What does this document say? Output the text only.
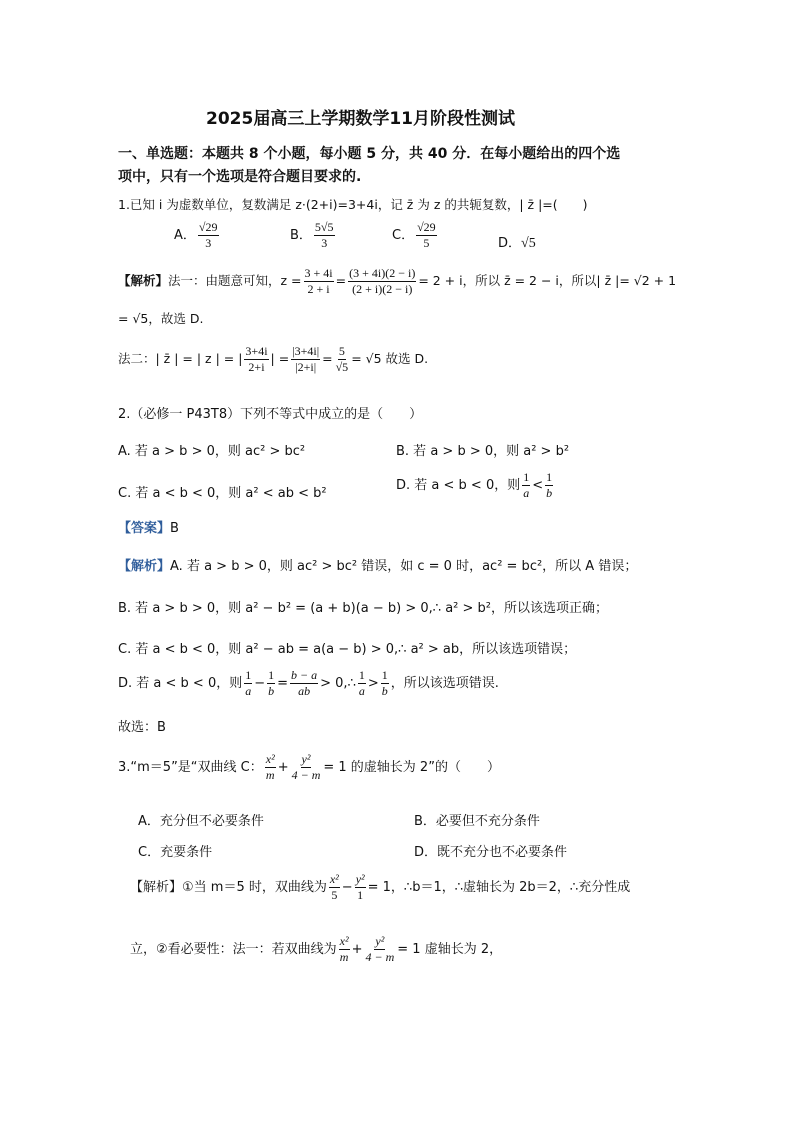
2025届高三上学期数学11月阶段性测试
一、单选题：本题共 8 个小题，每小题 5 分，共 40 分．在每小题给出的四个选
项中，只有一个选项是符合题目要求的.
1.已知 i 为虚数单位，复数满足 z·(2+i)=3+4i，记 z̄ 为 z 的共轭复数，| z̄ |=(　　)
A． $\frac{√29}{3}$	B． $\frac{5√5}{3}$	C． $\frac{√29}{5}$	D．√5
【解析】法一：由题意可知，$z = \frac{3 + 4i}{2 + i} = \frac{(3 + 4i)(2 - i)}{(2 + i)(2 - i)} = 2 + i$，所以 z̄ = 2 − i，所以| z̄ |= √2 + 1
= √5，故选 D.
法二：| z̄ | = | z | = | $\frac{3+4i}{2+i}$ | = $\frac{|3+4i|}{|2+i|} = \frac{5}{√5} = √5$ 故选 D.
2.（必修一 P43T8）下列不等式中成立的是（　　）
A. 若 a > b > 0，则 ac² > bc²	B. 若 a > b > 0，则 a² > b²
C. 若 a < b < 0，则 a² < ab < b²
D. 若 a < b < 0，则 $\frac{1}{a} < \frac{1}{b}$
【答案】B
【解析】A. 若 a > b > 0，则 ac² > bc² 错误，如 c = 0 时，ac² = bc²，所以 A 错误；
B. 若 a > b > 0，则 a² − b² = (a + b)(a − b) > 0,∴ a² > b²，所以该选项正确；
C. 若 a < b < 0，则 a² − ab = a(a − b) > 0,∴ a² > ab，所以该选项错误；
D. 若 a < b < 0，则 $\frac{1}{a} - \frac{1}{b} = \frac{b - a}{ab}$ > 0,∴ $\frac{1}{a} > \frac{1}{b}$ ，所以该选项错误.
故选：B
3.“m＝5”是“双曲线 C： $\frac{\text{x²}}{m} + \frac{\text{y²}}{4 - m} = 1$ 的虚轴长为 2”的（　　）
A．充分但不必要条件	B．必要但不充分条件
C．充要条件	D．既不充分也不必要条件
【解析】①当 m＝5 时，双曲线为 $\frac{\text{x²}}{5} - \frac{\text{y²}}{1} = 1$，∴b＝1，∴虚轴长为 2b＝2，∴充分性成
立，②看必要性：法一：若双曲线为 $\frac{\text{x²}}{m} + \frac{\text{y²}}{4 - m} = 1$ 虚轴长为 2，
